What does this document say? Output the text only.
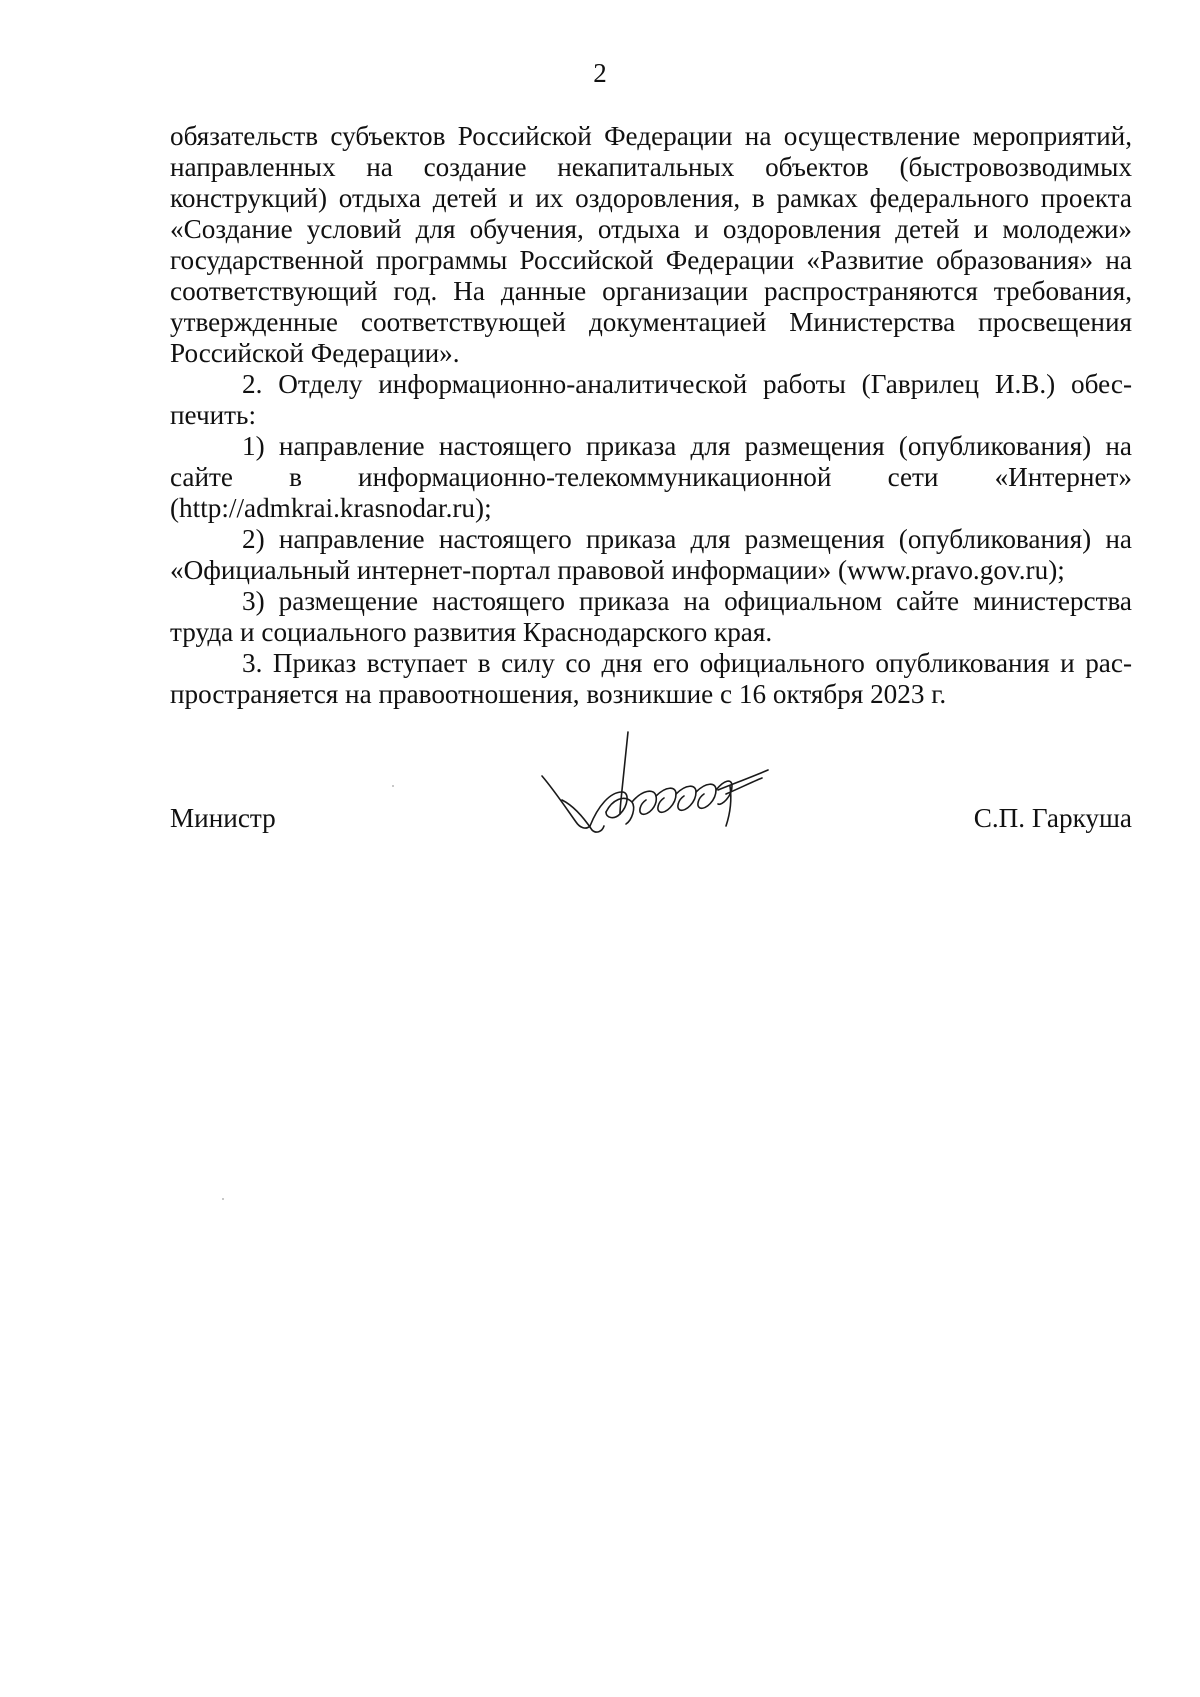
2

обязательств субъектов Российской Федерации на осуществление мероприятий, направленных на создание некапитальных объектов (быстровозводимых конструкций) отдыха детей и их оздоровления, в рамках федерального проекта «Создание условий для обучения, отдыха и оздоровления детей и молодежи» государственной программы Российской Федерации «Развитие образования» на соответствующий год. На данные организации распространяются требования, утвержденные соответствующей документацией Министерства просвещения Российской Федерации».

2. Отделу информационно-аналитической работы (Гаврилец И.В.) обеспечить:

1) направление настоящего приказа для размещения (опубликования) на сайте в информационно-телекоммуникационной сети «Интернет» (http://admkrai.krasnodar.ru);

2) направление настоящего приказа для размещения (опубликования) на «Официальный интернет-портал правовой информации» (www.pravo.gov.ru);

3) размещение настоящего приказа на официальном сайте министерства труда и социального развития Краснодарского края.

3. Приказ вступает в силу со дня его официального опубликования и распространяется на правоотношения, возникшие с 16 октября 2023 г.

Министр	С.П. Гаркуша
